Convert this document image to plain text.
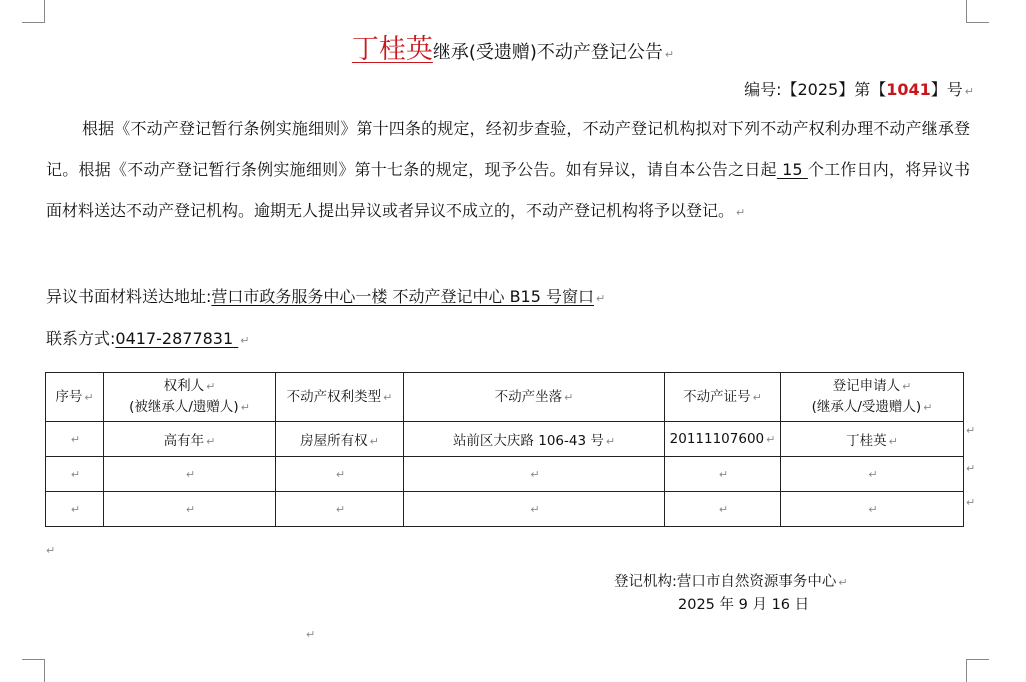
丁桂英继承(受遗赠)不动产登记公告 ↵
编号:【2025】第【1041】号 ↵
根据《不动产登记暂行条例实施细则》第十四条的规定，经初步查验，不动产登记机构拟对下列不动产权利办理不动产继承登记。根据《不动产登记暂行条例实施细则》第十七条的规定，现予公告。如有异议，请自本公告之日起 15 个工作日内，将异议书面材料送达不动产登记机构。逾期无人提出异议或者异议不成立的，不动产登记机构将予以登记。 ↵
异议书面材料送达地址:营口市政务服务中心一楼 不动产登记中心 B15 号窗口 ↵
联系方式:0417-2877831 ↵
序号 ↵	权利人 ↵
(被继承人/遗赠人) ↵	不动产权利类型 ↵	不动产坐落 ↵	不动产证号 ↵	登记申请人 ↵
(继承人/受遗赠人) ↵
↵	高有年 ↵	房屋所有权 ↵	站前区大庆路 106-43 号 ↵	20111107600 ↵	丁桂英 ↵
↵	↵	↵	↵	↵	↵
↵	↵	↵	↵	↵	↵
↵
↵
↵
↵
登记机构:营口市自然资源事务中心 ↵
2025 年 9 月 16 日
↵
